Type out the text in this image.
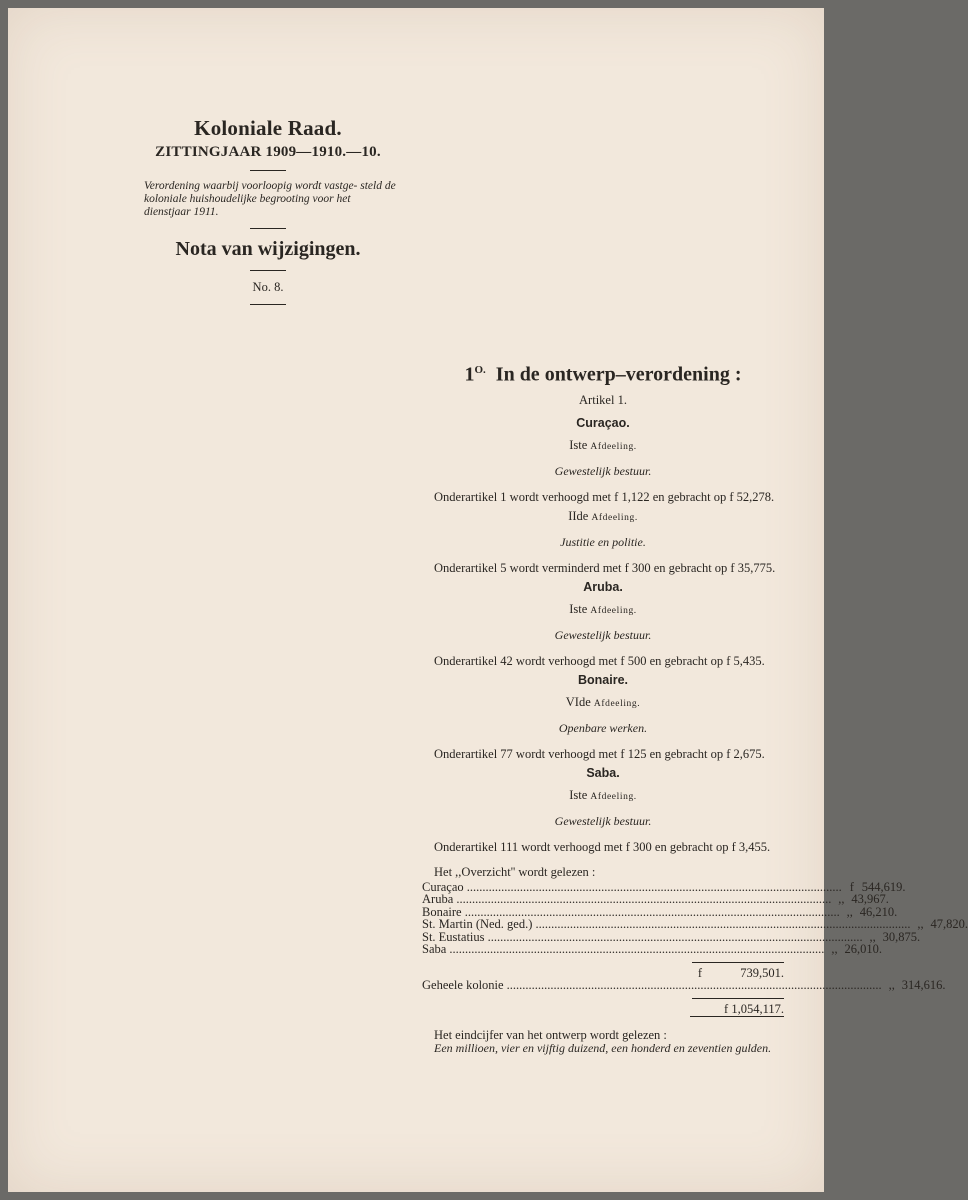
Koloniale Raad.
ZITTINGJAAR 1909—1910.—10.
Verordening waarbij voorloopig wordt vastge- steld de koloniale huishoudelijke begrooting voor het dienstjaar 1911.
Nota van wijzigingen.
No. 8.
$1^{O.}$ In de ontwerp–verordening :
Artikel 1.
Curaçao.
Iste Afdeeling.
Gewestelijk bestuur.
Onderartikel 1 wordt verhoogd met f 1,122 en gebracht op f 52,278.
IIde Afdeeling.
Justitie en politie.
Onderartikel 5 wordt verminderd met f 300 en gebracht op f 35,775.
Aruba.
Iste Afdeeling.
Gewestelijk bestuur.
Onderartikel 42 wordt verhoogd met f 500 en gebracht op f 5,435.
Bonaire.
VIde Afdeeling.
Openbare werken.
Onderartikel 77 wordt verhoogd met f 125 en gebracht op f 2,675.
Saba.
Iste Afdeeling.
Gewestelijk bestuur.
Onderartikel 111 wordt verhoogd met f 300 en gebracht op f 3,455.
Het ,,Overzicht'' wordt gelezen :
Curaçao ........................................................................................................................ f 544,619.
Aruba ........................................................................................................................ ,, 43,967.
Bonaire ........................................................................................................................ ,, 46,210.
St. Martin (Ned. ged.) ........................................................................................................................ ,, 47,820.
St. Eustatius ........................................................................................................................ ,, 30,875.
Saba ........................................................................................................................ ,, 26,010.
f	739,501.
Geheele kolonie ........................................................................................................................ ,, 314,616.
f 1,054,117.
Het eindcijfer van het ontwerp wordt gelezen :
Een millioen, vier en vijftig duizend, een honderd en zeventien gulden.
